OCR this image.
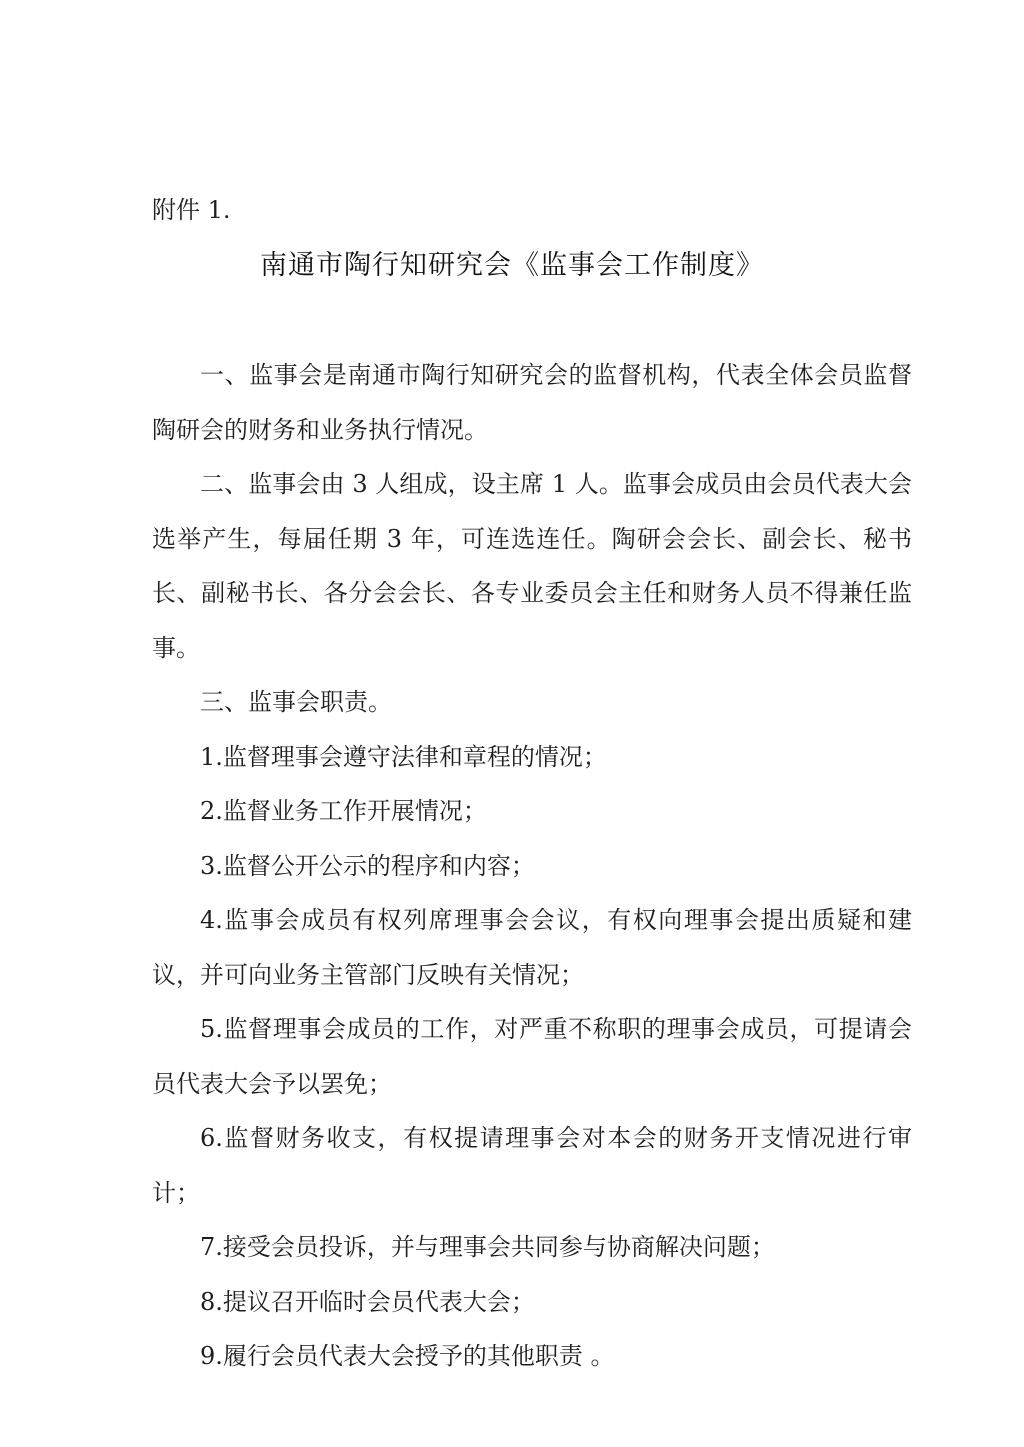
附件 1.
南通市陶行知研究会《监事会工作制度》

一、监事会是南通市陶行知研究会的监督机构，代表全体会员监督陶研会的财务和业务执行情况。

二、监事会由 3 人组成，设主席 1 人。监事会成员由会员代表大会选举产生，每届任期 3 年，可连选连任。陶研会会长、副会长、秘书长、副秘书长、各分会会长、各专业委员会主任和财务人员不得兼任监事。

三、监事会职责。

1.监督理事会遵守法律和章程的情况；

2.监督业务工作开展情况；

3.监督公开公示的程序和内容；

4.监事会成员有权列席理事会会议，有权向理事会提出质疑和建议，并可向业务主管部门反映有关情况；

5.监督理事会成员的工作，对严重不称职的理事会成员，可提请会员代表大会予以罢免；

6.监督财务收支，有权提请理事会对本会的财务开支情况进行审计；

7.接受会员投诉，并与理事会共同参与协商解决问题；

8.提议召开临时会员代表大会；

9.履行会员代表大会授予的其他职责 。
